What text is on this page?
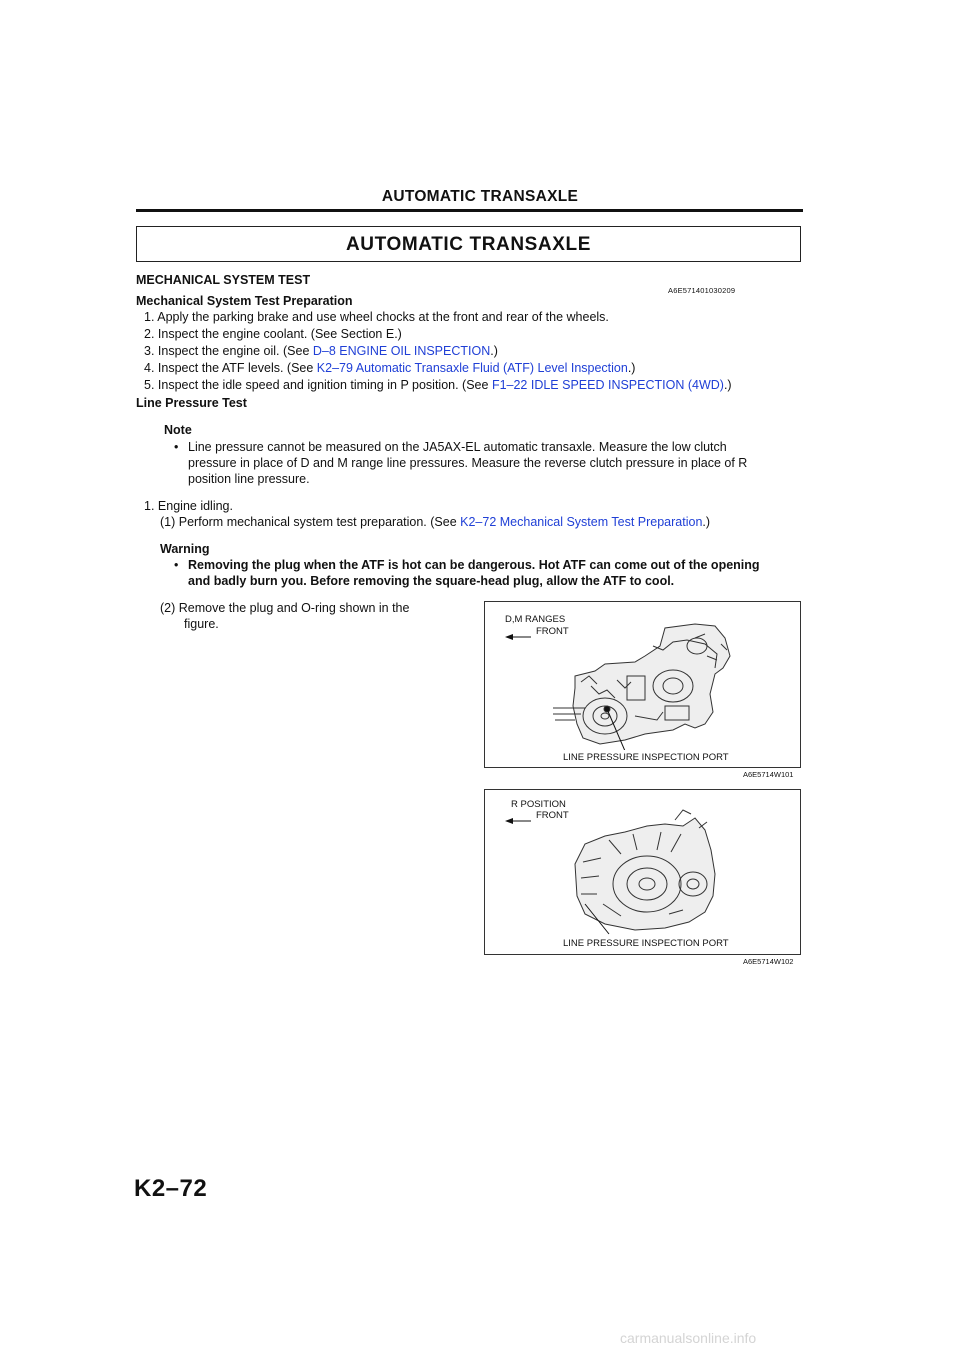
AUTOMATIC TRANSAXLE
AUTOMATIC TRANSAXLE
MECHANICAL SYSTEM TEST
A6E571401030209
Mechanical System Test Preparation
1. Apply the parking brake and use wheel chocks at the front and rear of the wheels.
2. Inspect the engine coolant. (See Section E.)
3. Inspect the engine oil. (See D–8 ENGINE OIL INSPECTION.)
4. Inspect the ATF levels. (See K2–79 Automatic Transaxle Fluid (ATF) Level Inspection.)
5. Inspect the idle speed and ignition timing in P position. (See F1–22 IDLE SPEED INSPECTION (4WD).)
Line Pressure Test
Note
• Line pressure cannot be measured on the JA5AX-EL automatic transaxle. Measure the low clutch
pressure in place of D and M range line pressures. Measure the reverse clutch pressure in place of R
position line pressure.
1. Engine idling.
(1) Perform mechanical system test preparation. (See K2–72 Mechanical System Test Preparation.)
Warning
• Removing the plug when the ATF is hot can be dangerous. Hot ATF can come out of the opening
and badly burn you. Before removing the square-head plug, allow the ATF to cool.
(2) Remove the plug and O-ring shown in the
figure.	D,M RANGES
FRONT
LINE PRESSURE INSPECTION PORT
A6E5714W101
R POSITION
FRONT
LINE PRESSURE INSPECTION PORT
A6E5714W102
K2–72
carmanualsonline.info
